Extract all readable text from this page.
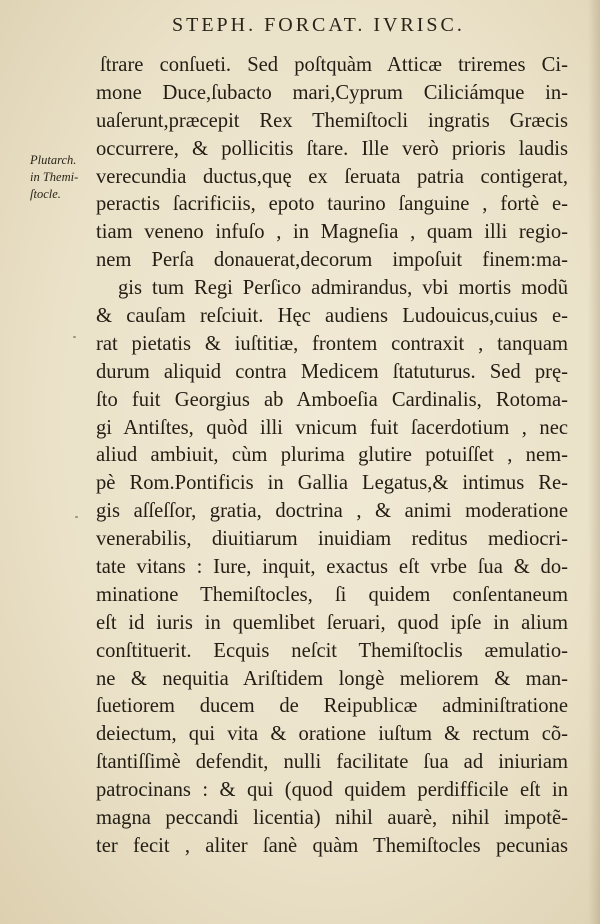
STEPH. FORCAT. IVRISC.
Plutarch.
in Themi-
ſtocle.
ſtrare conſueti. Sed poſtquàm Atticæ triremes Ci-
mone Duce,ſubacto mari,Cyprum Ciliciámque in-
uaſerunt,præcepit Rex Themiſtocli ingratis Græcis
occurrere, & pollicitis ſtare. Ille verò prioris laudis
verecundia ductus,quę ex ſeruata patria contigerat,
peractis ſacrificiis, epoto taurino ſanguine , fortè e-
tiam veneno infuſo , in Magneſia , quam illi regio-
nem Perſa donauerat,decorum impoſuit finem:ma-
gis tum Regi Perſico admirandus, vbi mortis modũ
& cauſam reſciuit. Hęc audiens Ludouicus,cuius e-
rat pietatis & iuſtitiæ, frontem contraxit , tanquam
durum aliquid contra Medicem ſtatuturus. Sed prę-
ſto fuit Georgius ab Amboeſia Cardinalis, Rotoma-
gi Antiſtes, quòd illi vnicum fuit ſacerdotium , nec
aliud ambiuit, cùm plurima glutire potuiſſet , nem-
pè Rom.Pontificis in Gallia Legatus,& intimus Re-
gis aſſeſſor, gratia, doctrina , & animi moderatione
venerabilis, diuitiarum inuidiam reditus mediocri-
tate vitans : Iure, inquit, exactus eſt vrbe ſua & do-
minatione Themiſtocles, ſi quidem conſentaneum
eſt id iuris in quemlibet ſeruari, quod ipſe in alium
conſtituerit. Ecquis neſcit Themiſtoclis æmulatio-
ne & nequitia Ariſtidem longè meliorem & man-
ſuetiorem ducem de Reipublicæ adminiſtratione
deiectum, qui vita & oratione iuſtum & rectum cõ-
ſtantiſſimè defendit, nulli facilitate ſua ad iniuriam
patrocinans : & qui (quod quidem perdifficile eſt in
magna peccandi licentia) nihil auarè, nihil impotẽ-
ter fecit , aliter ſanè quàm Themiſtocles pecunias
